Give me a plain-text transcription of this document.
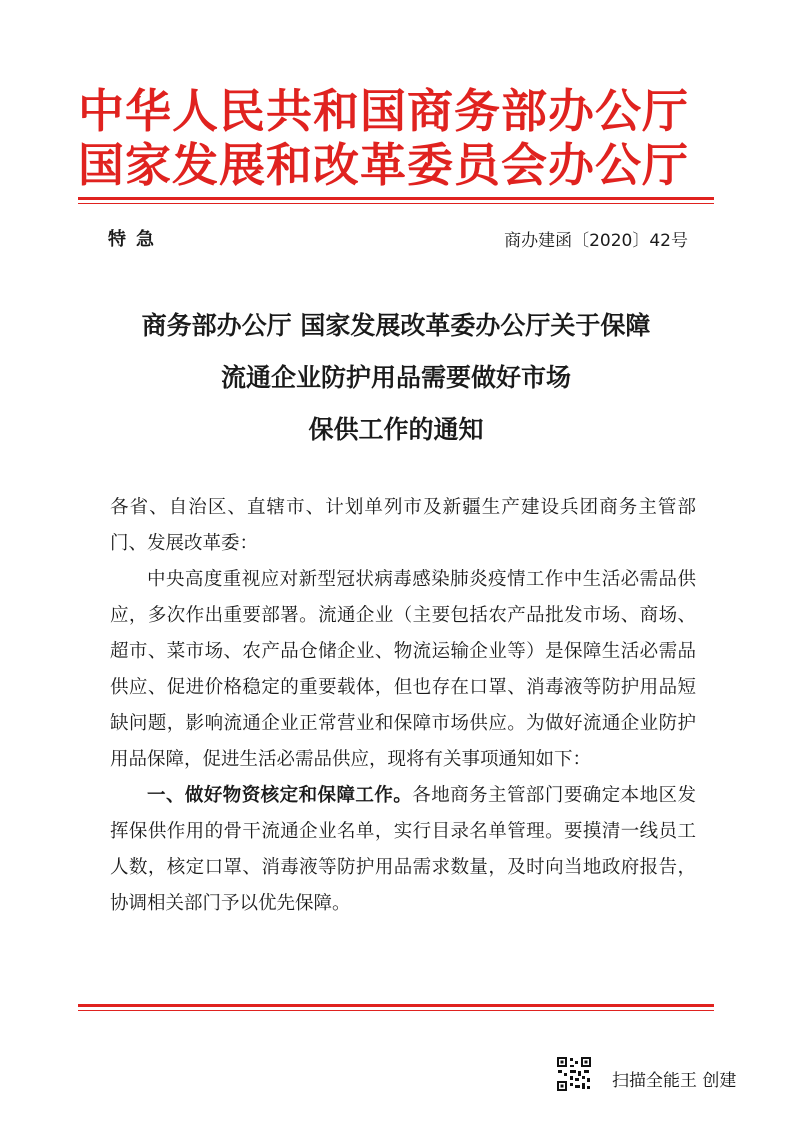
中华人民共和国商务部办公厅
国家发展和改革委员会办公厅
特急	商办建函〔2020〕42号
商务部办公厅 国家发展改革委办公厅关于保障
流通企业防护用品需要做好市场
保供工作的通知

各省、自治区、直辖市、计划单列市及新疆生产建设兵团商务主管部门、发展改革委：

中央高度重视应对新型冠状病毒感染肺炎疫情工作中生活必需品供应，多次作出重要部署。流通企业（主要包括农产品批发市场、商场、超市、菜市场、农产品仓储企业、物流运输企业等）是保障生活必需品供应、促进价格稳定的重要载体，但也存在口罩、消毒液等防护用品短缺问题，影响流通企业正常营业和保障市场供应。为做好流通企业防护用品保障，促进生活必需品供应，现将有关事项通知如下：

一、做好物资核定和保障工作。各地商务主管部门要确定本地区发挥保供作用的骨干流通企业名单，实行目录名单管理。要摸清一线员工人数，核定口罩、消毒液等防护用品需求数量，及时向当地政府报告，协调相关部门予以优先保障。

扫描全能王 创建
